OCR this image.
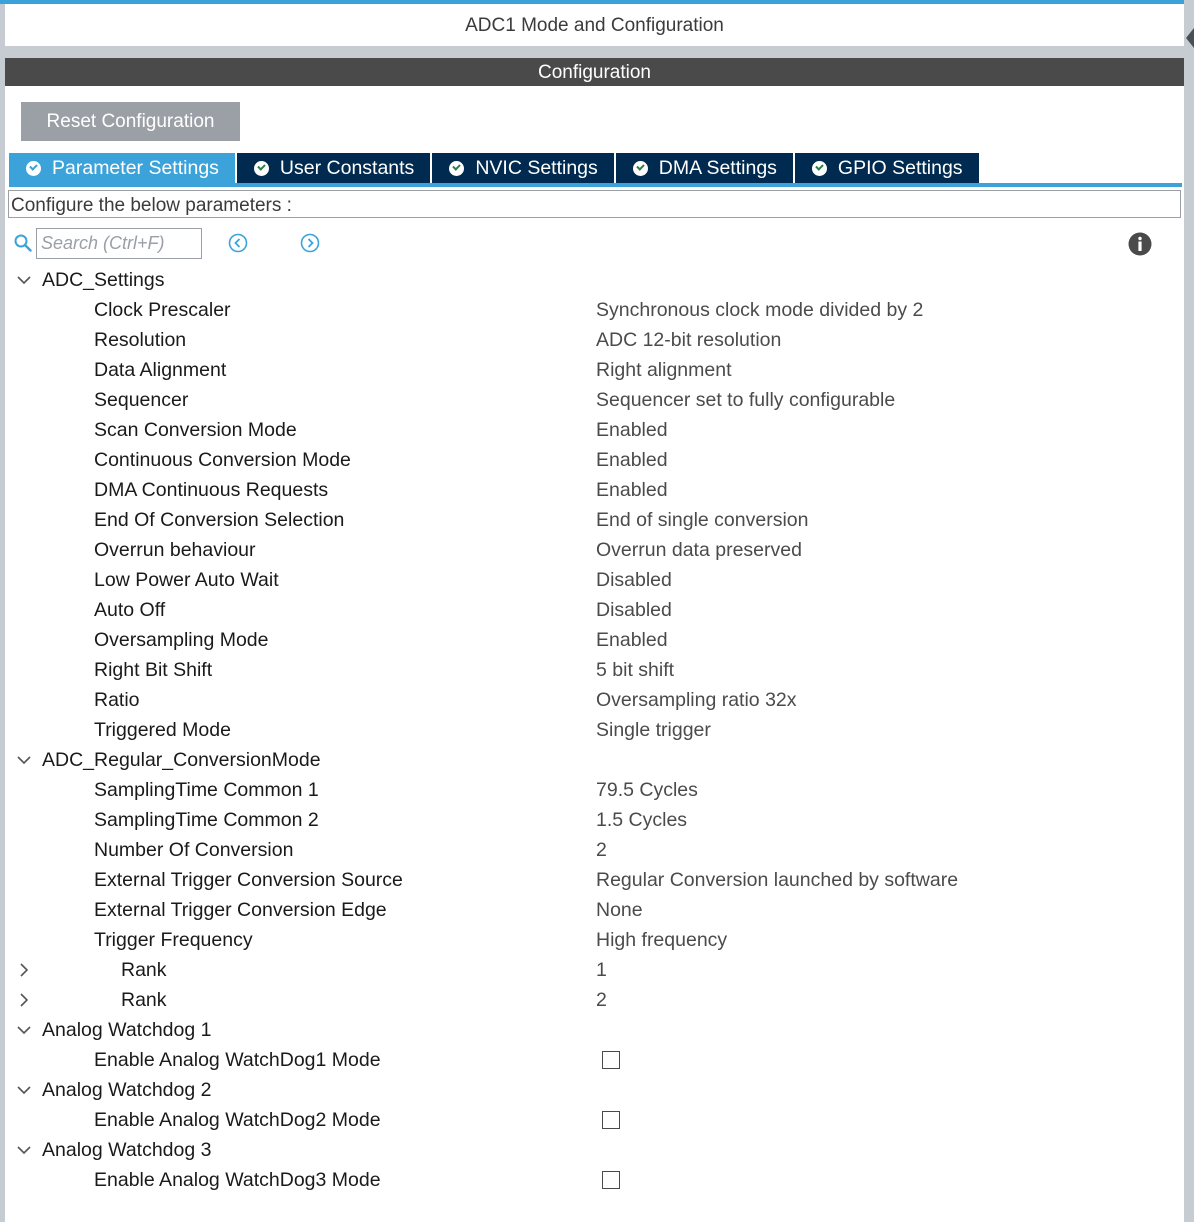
ADC1 Mode and Configuration
Configuration
Reset Configuration
Parameter Settings	User Constants	NVIC Settings	DMA Settings	GPIO Settings
Configure the below parameters :
Search (Ctrl+F)
ADC_Settings
Clock Prescaler	Synchronous clock mode divided by 2
Resolution	ADC 12-bit resolution
Data Alignment	Right alignment
Sequencer	Sequencer set to fully configurable
Scan Conversion Mode	Enabled
Continuous Conversion Mode	Enabled
DMA Continuous Requests	Enabled
End Of Conversion Selection	End of single conversion
Overrun behaviour	Overrun data preserved
Low Power Auto Wait	Disabled
Auto Off	Disabled
Oversampling Mode	Enabled
Right Bit Shift	5 bit shift
Ratio	Oversampling ratio 32x
Triggered Mode	Single trigger
ADC_Regular_ConversionMode
SamplingTime Common 1	79.5 Cycles
SamplingTime Common 2	1.5 Cycles
Number Of Conversion	2
External Trigger Conversion Source	Regular Conversion launched by software
External Trigger Conversion Edge	None
Trigger Frequency	High frequency
Rank	1
Rank	2
Analog Watchdog 1
Enable Analog WatchDog1 Mode
Analog Watchdog 2
Enable Analog WatchDog2 Mode
Analog Watchdog 3
Enable Analog WatchDog3 Mode
